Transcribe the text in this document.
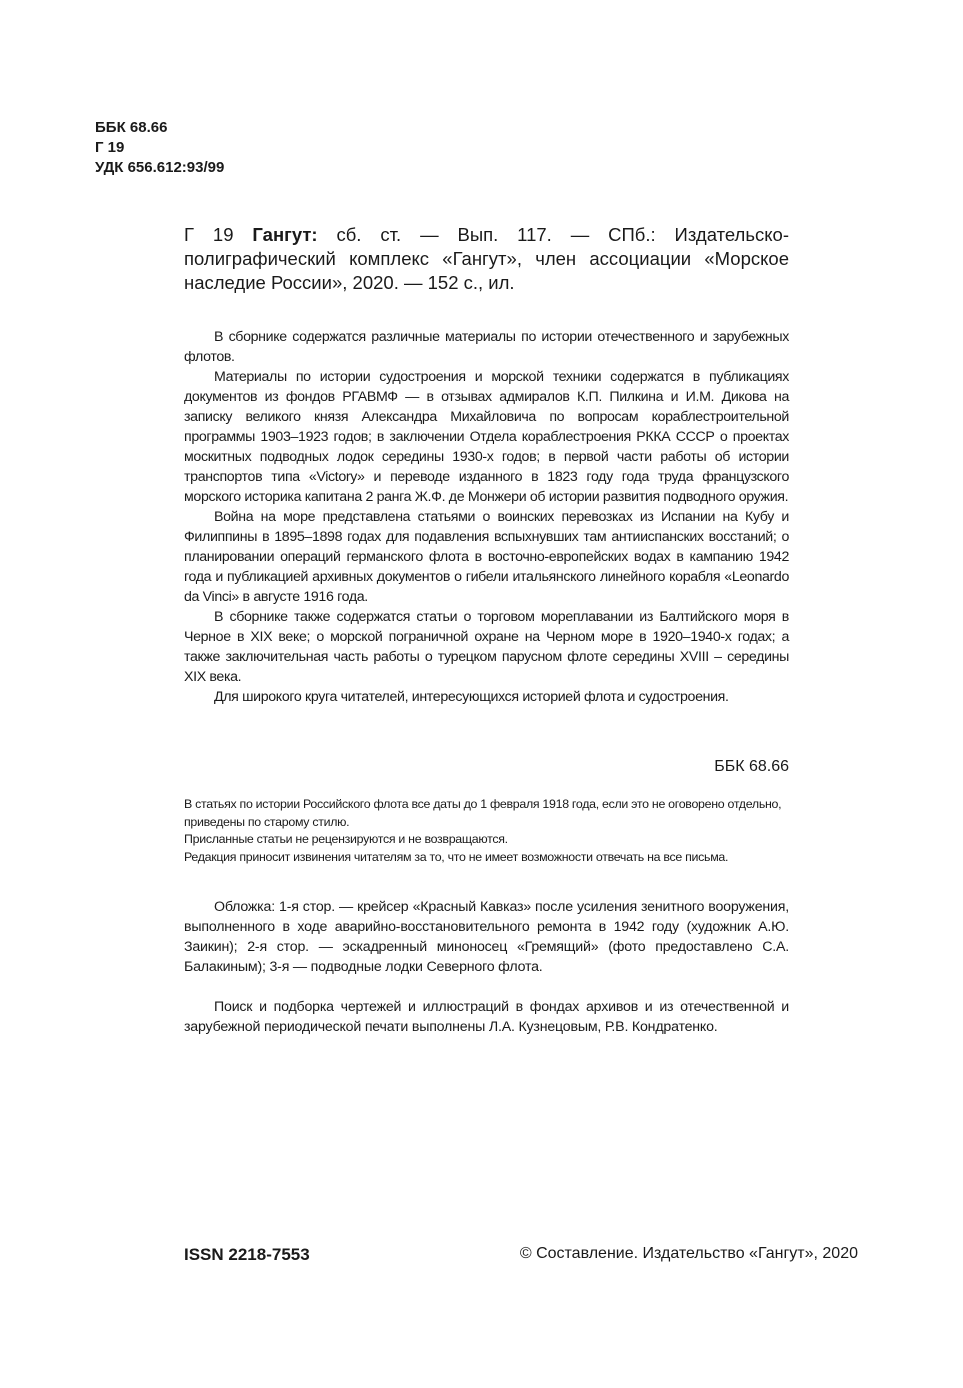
ББК 68.66
Г 19
УДК 656.612:93/99
Г 19 Гангут: сб. ст. — Вып. 117. — СПб.: Издательско-полиграфический комплекс «Гангут», член ассоциации «Морское наследие России», 2020. — 152 с., ил.

В сборнике содержатся различные материалы по истории отечественного и зарубежных флотов.

Материалы по истории судостроения и морской техники содержатся в публикациях документов из фондов РГАВМФ — в отзывах адмиралов К.П. Пилкина и И.М. Дикова на записку великого князя Александра Михайловича по вопросам кораблестроительной программы 1903–1923 годов; в заключении Отдела кораблестроения РККА СССР о проектах москитных подводных лодок середины 1930-х годов; в первой части работы об истории транспортов типа «Victory» и переводе изданного в 1823 году года труда французского морского историка капитана 2 ранга Ж.Ф. де Монжери об истории развития подводного оружия.

Война на море представлена статьями о воинских перевозках из Испании на Кубу и Филиппины в 1895–1898 годах для подавления вспыхнувших там антииспанских восстаний; о планировании операций германского флота в восточно-европейских водах в кампанию 1942 года и публикацией архивных документов о гибели итальянского линейного корабля «Leonardo da Vinci» в августе 1916 года.

В сборнике также содержатся статьи о торговом мореплавании из Балтийского моря в Черное в XIX веке; о морской пограничной охране на Черном море в 1920–1940-х годах; а также заключительная часть работы о турецком парусном флоте середины XVIII – середины XIX века.

Для широкого круга читателей, интересующихся историей флота и судостроения.

ББК 68.66

В статьях по истории Российского флота все даты до 1 февраля 1918 года, если это не оговорено отдельно, приведены по старому стилю.

Присланные статьи не рецензируются и не возвращаются.

Редакция приносит извинения читателям за то, что не имеет возможности отвечать на все письма.

Обложка: 1-я стор. — крейсер «Красный Кавказ» после усиления зенитного вооружения, выполненного в ходе аварийно-восстановительного ремонта в 1942 году (художник А.Ю. Заикин); 2-я стор. — эскадренный миноносец «Гремящий» (фото предоставлено С.А. Балакиным); 3-я — подводные лодки Северного флота.

Поиск и подборка чертежей и иллюстраций в фондах архивов и из отечественной и зарубежной периодической печати выполнены Л.А. Кузнецовым, Р.В. Кондратенко.

ISSN 2218-7553	© Составление. Издательство «Гангут», 2020
